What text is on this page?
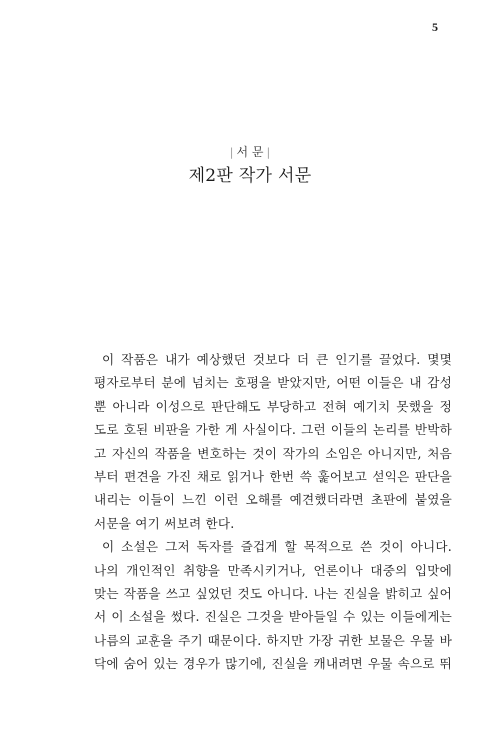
5
| 서 문 |
제2판 작가 서문
이 작품은 내가 예상했던 것보다 더 큰 인기를 끌었다. 몇몇
평자로부터 분에 넘치는 호평을 받았지만, 어떤 이들은 내 감성
뿐 아니라 이성으로 판단해도 부당하고 전혀 예기치 못했을 정
도로 호된 비판을 가한 게 사실이다. 그런 이들의 논리를 반박하
고 자신의 작품을 변호하는 것이 작가의 소임은 아니지만, 처음
부터 편견을 가진 채로 읽거나 한번 쓱 훑어보고 섣익은 판단을
내리는 이들이 느낀 이런 오해를 예견했더라면 초판에 붙였을
서문을 여기 써보려 한다.
이 소설은 그저 독자를 즐겁게 할 목적으로 쓴 것이 아니다.
나의 개인적인 취향을 만족시키거나, 언론이나 대중의 입맛에
맞는 작품을 쓰고 싶었던 것도 아니다. 나는 진실을 밝히고 싶어
서 이 소설을 썼다. 진실은 그것을 받아들일 수 있는 이들에게는
나름의 교훈을 주기 때문이다. 하지만 가장 귀한 보물은 우물 바
닥에 숨어 있는 경우가 많기에, 진실을 캐내려면 우물 속으로 뛰
